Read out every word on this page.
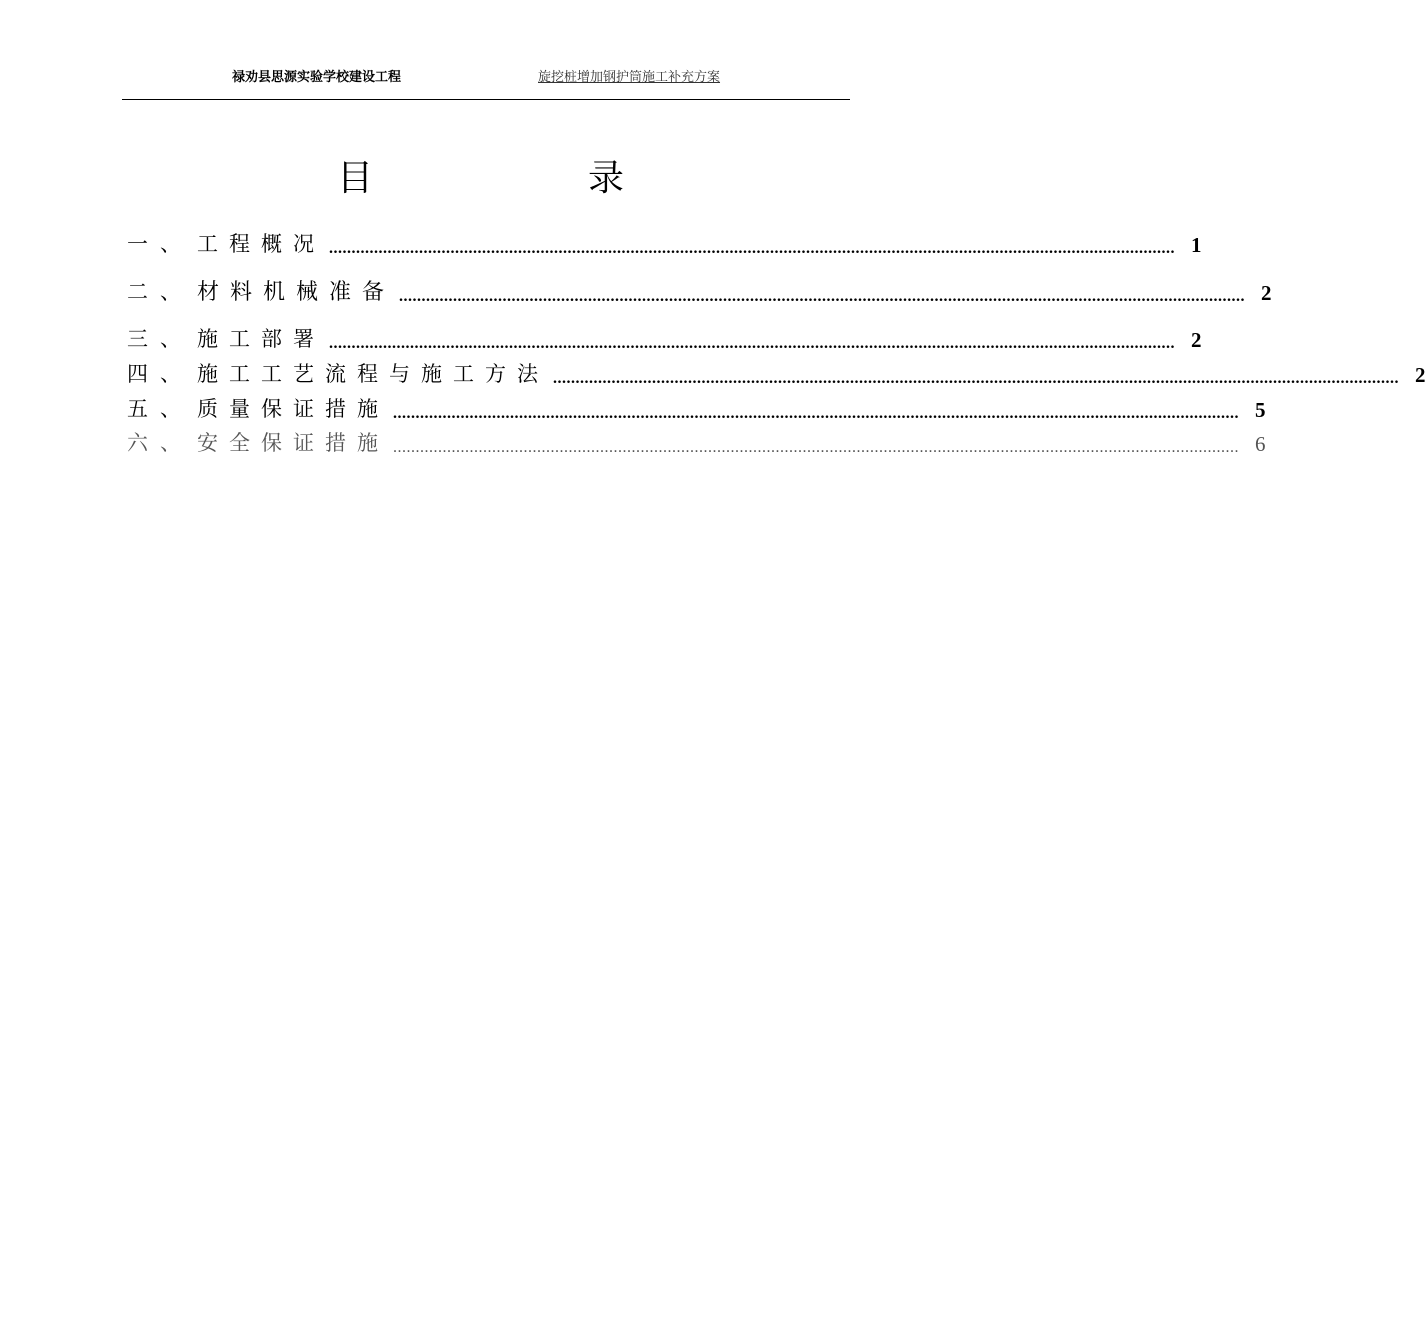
禄劝县思源实验学校建设工程	旋挖桩增加钢护筒施工补充方案
目	录
一、 工程概况 ............................................................................................................................................................................................ 1
二、 材料机械准备 ............................................................................................................................................................................................ 2
三、 施工部署 ............................................................................................................................................................................................ 2
四、 施工工艺流程与施工方法 ............................................................................................................................................................................................ 2
五、 质量保证措施 ............................................................................................................................................................................................ 5
六、 安全保证措施 ............................................................................................................................................................................................ 6
